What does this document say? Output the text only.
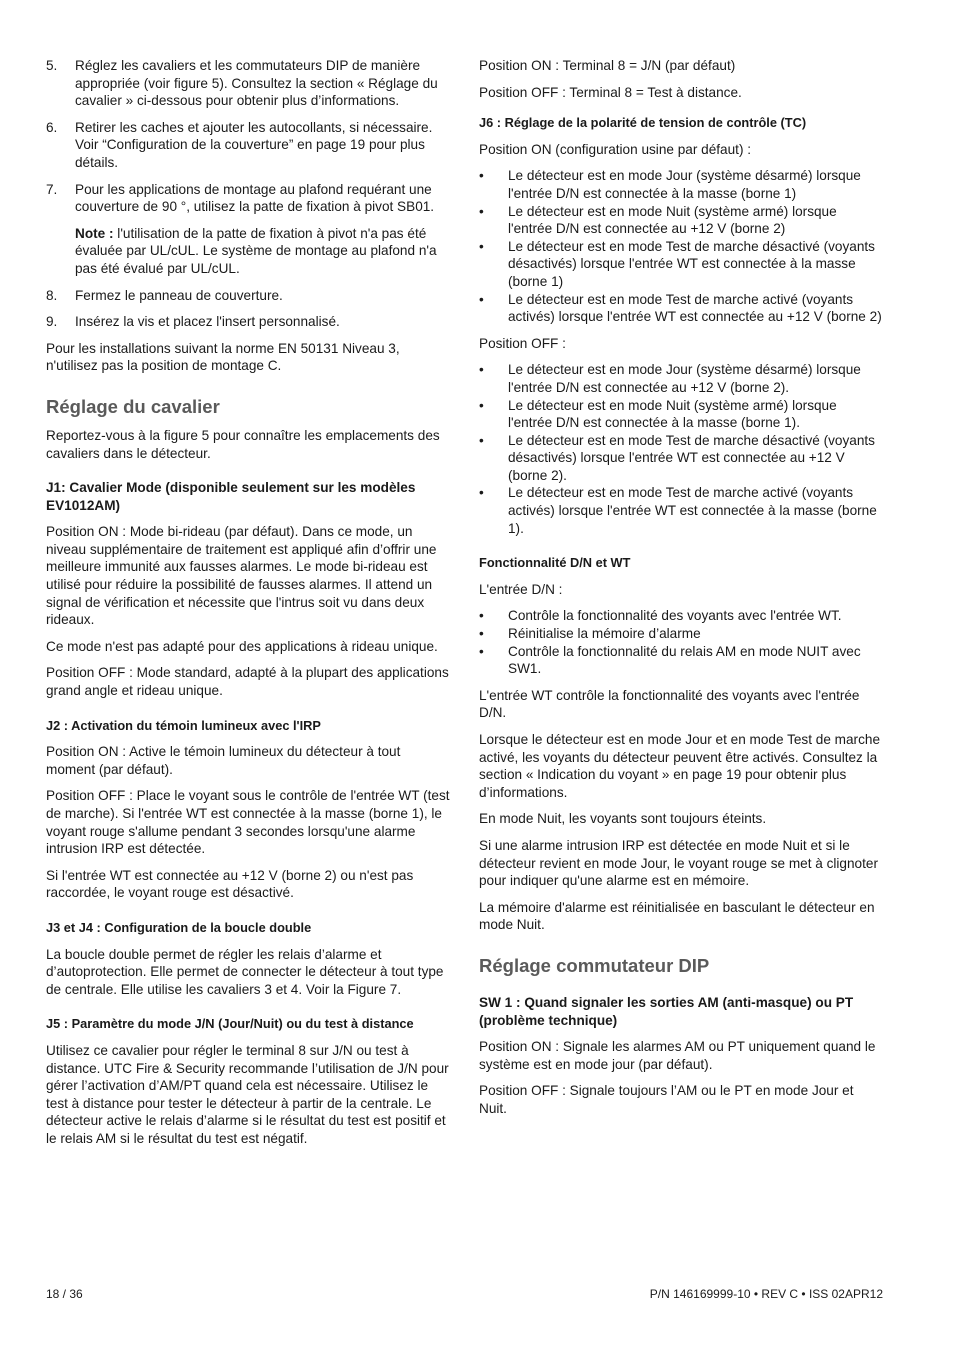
5. Réglez les cavaliers et les commutateurs DIP de manière appropriée (voir figure 5). Consultez la section « Réglage du cavalier » ci-dessous pour obtenir plus d’informations.

6. Retirer les caches et ajouter les autocollants, si nécessaire. Voir “Configuration de la couverture” en page 19 pour plus détails.

7. Pour les applications de montage au plafond requérant une couverture de 90 °, utilisez la patte de fixation à pivot SB01.

Note : l'utilisation de la patte de fixation à pivot n'a pas été évaluée par UL/cUL. Le système de montage au plafond n'a pas été évalué par UL/cUL.

8. Fermez le panneau de couverture.

9. Insérez la vis et placez l'insert personnalisé.

Pour les installations suivant la norme EN 50131 Niveau 3, n'utilisez pas la position de montage C.

Réglage du cavalier

Reportez-vous à la figure 5 pour connaître les emplacements des cavaliers dans le détecteur.

J1: Cavalier Mode (disponible seulement sur les modèles EV1012AM)

Position ON : Mode bi-rideau (par défaut). Dans ce mode, un niveau supplémentaire de traitement est appliqué afin d’offrir une meilleure immunité aux fausses alarmes. Le mode bi-rideau est utilisé pour réduire la possibilité de fausses alarmes. Il attend un signal de vérification et nécessite que l'intrus soit vu dans deux rideaux.

Ce mode n'est pas adapté pour des applications à rideau unique.

Position OFF : Mode standard, adapté à la plupart des applications grand angle et rideau unique.

J2 : Activation du témoin lumineux avec l'IRP

Position ON : Active le témoin lumineux du détecteur à tout moment (par défaut).

Position OFF : Place le voyant sous le contrôle de l'entrée WT (test de marche). Si l'entrée WT est connectée à la masse (borne 1), le voyant rouge s'allume pendant 3 secondes lorsqu'une alarme intrusion IRP est détectée.

Si l'entrée WT est connectée au +12 V (borne 2) ou n'est pas raccordée, le voyant rouge est désactivé.

J3 et J4 : Configuration de la boucle double

La boucle double permet de régler les relais d’alarme et d’autoprotection. Elle permet de connecter le détecteur à tout type de centrale. Elle utilise les cavaliers 3 et 4. Voir la Figure 7.

J5 : Paramètre du mode J/N (Jour/Nuit) ou du test à distance

Utilisez ce cavalier pour régler le terminal 8 sur J/N ou test à distance. UTC Fire & Security recommande l’utilisation de J/N pour gérer l’activation d’AM/PT quand cela est nécessaire. Utilisez le test à distance pour tester le détecteur à partir de la centrale. Le détecteur active le relais d’alarme si le résultat du test est positif et le relais AM si le résultat du test est négatif.

Position ON : Terminal 8 = J/N (par défaut)

Position OFF : Terminal 8 = Test à distance.

J6 : Réglage de la polarité de tension de contrôle (TC)

Position ON (configuration usine par défaut) :

• Le détecteur est en mode Jour (système désarmé) lorsque l'entrée D/N est connectée à la masse (borne 1)
• Le détecteur est en mode Nuit (système armé) lorsque l'entrée D/N est connectée au +12 V (borne 2)
• Le détecteur est en mode Test de marche désactivé (voyants désactivés) lorsque l'entrée WT est connectée à la masse (borne 1)
• Le détecteur est en mode Test de marche activé (voyants activés) lorsque l'entrée WT est connectée au +12 V (borne 2)

Position OFF :

• Le détecteur est en mode Jour (système désarmé) lorsque l'entrée D/N est connectée au +12 V (borne 2).
• Le détecteur est en mode Nuit (système armé) lorsque l'entrée D/N est connectée à la masse (borne 1).
• Le détecteur est en mode Test de marche désactivé (voyants désactivés) lorsque l'entrée WT est connectée au +12 V (borne 2).
• Le détecteur est en mode Test de marche activé (voyants activés) lorsque l'entrée WT est connectée à la masse (borne 1).
Fonctionnalité D/N et WT

L'entrée D/N :

• Contrôle la fonctionnalité des voyants avec l'entrée WT.
• Réinitialise la mémoire d’alarme
• Contrôle la fonctionnalité du relais AM en mode NUIT avec SW1.

L'entrée WT contrôle la fonctionnalité des voyants avec l'entrée D/N.

Lorsque le détecteur est en mode Jour et en mode Test de marche activé, les voyants du détecteur peuvent être activés. Consultez la section « Indication du voyant » en page 19 pour obtenir plus d’informations.

En mode Nuit, les voyants sont toujours éteints.

Si une alarme intrusion IRP est détectée en mode Nuit et si le détecteur revient en mode Jour, le voyant rouge se met à clignoter pour indiquer qu'une alarme est en mémoire.

La mémoire d'alarme est réinitialisée en basculant le détecteur en mode Nuit.

Réglage commutateur DIP
SW 1 : Quand signaler les sorties AM (anti-masque) ou PT (problème technique)

Position ON : Signale les alarmes AM ou PT uniquement quand le système est en mode jour (par défaut).

Position OFF : Signale toujours l’AM ou le PT en mode Jour et Nuit.

18 / 36	P/N 146169999-10 • REV C • ISS 02APR12
